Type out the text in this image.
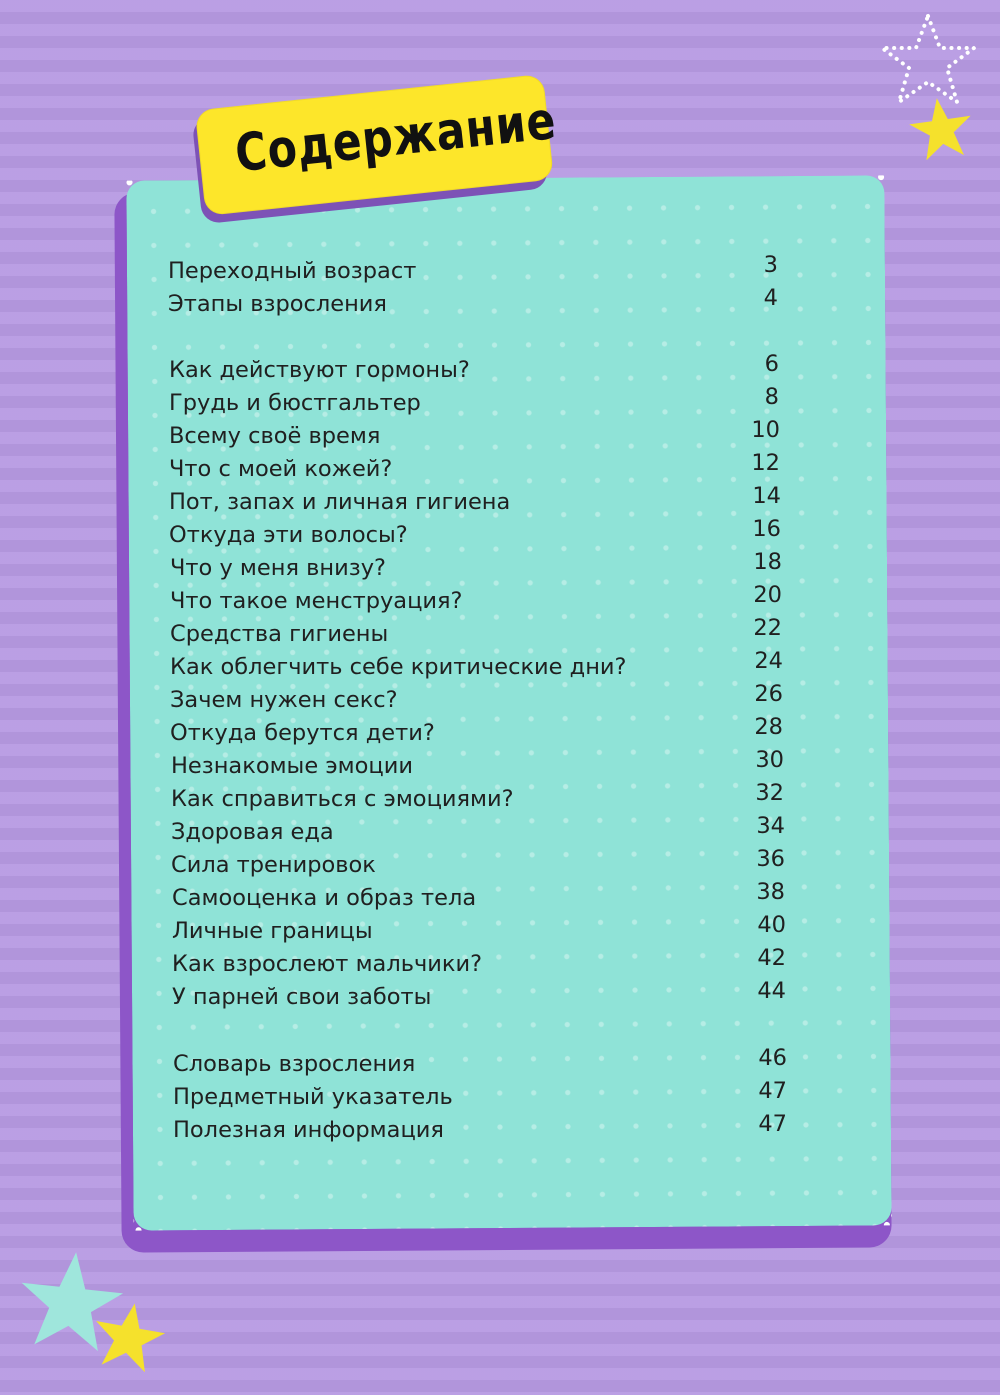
Содержание
Переходный возраст	3
Этапы взросления	4
Как действуют гормоны?	6
Грудь и бюстгальтер	8
Всему своё время	10
Что с моей кожей?	12
Пот, запах и личная гигиена	14
Откуда эти волосы?	16
Что у меня внизу?	18
Что такое менструация?	20
Средства гигиены	22
Как облегчить себе критические дни?	24
Зачем нужен секс?	26
Откуда берутся дети?	28
Незнакомые эмоции	30
Как справиться с эмоциями?	32
Здоровая еда	34
Сила тренировок	36
Самооценка и образ тела	38
Личные границы	40
Как взрослеют мальчики?	42
У парней свои заботы	44
Словарь взросления	46
Предметный указатель	47
Полезная информация	47
